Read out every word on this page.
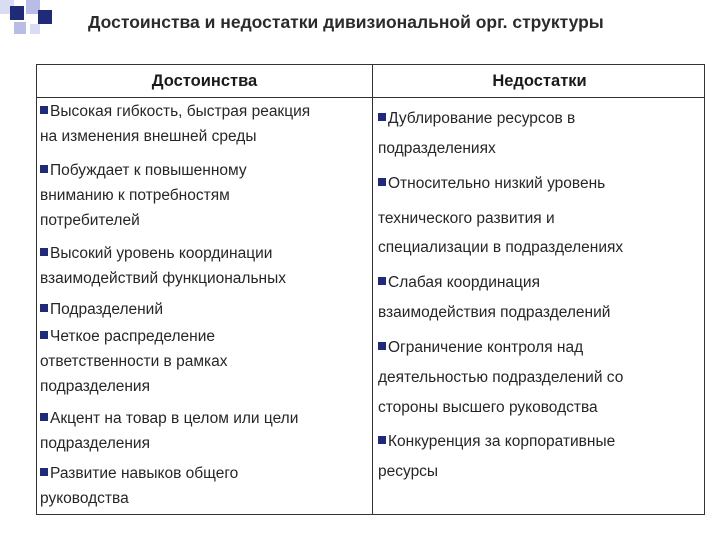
Достоинства и недостатки дивизиональной орг. структуры
Достоинства	Недостатки
Высокая гибкость, быстрая реакция
на изменения внешней среды
Побуждает к повышенному
вниманию к потребностям
потребителей
Высокий уровень координации
взаимодействий функциональных
Подразделений
Четкое распределение
ответственности в рамках
подразделения
Акцент на товар в целом или цели
подразделения
Развитие навыков общего
руководства
Дублирование ресурсов в
подразделениях
Относительно низкий уровень
технического развития и
специализации в подразделениях
Слабая координация
взаимодействия подразделений
Ограничение контроля над
деятельностью подразделений со
стороны высшего руководства
Конкуренция за корпоративные
ресурсы
